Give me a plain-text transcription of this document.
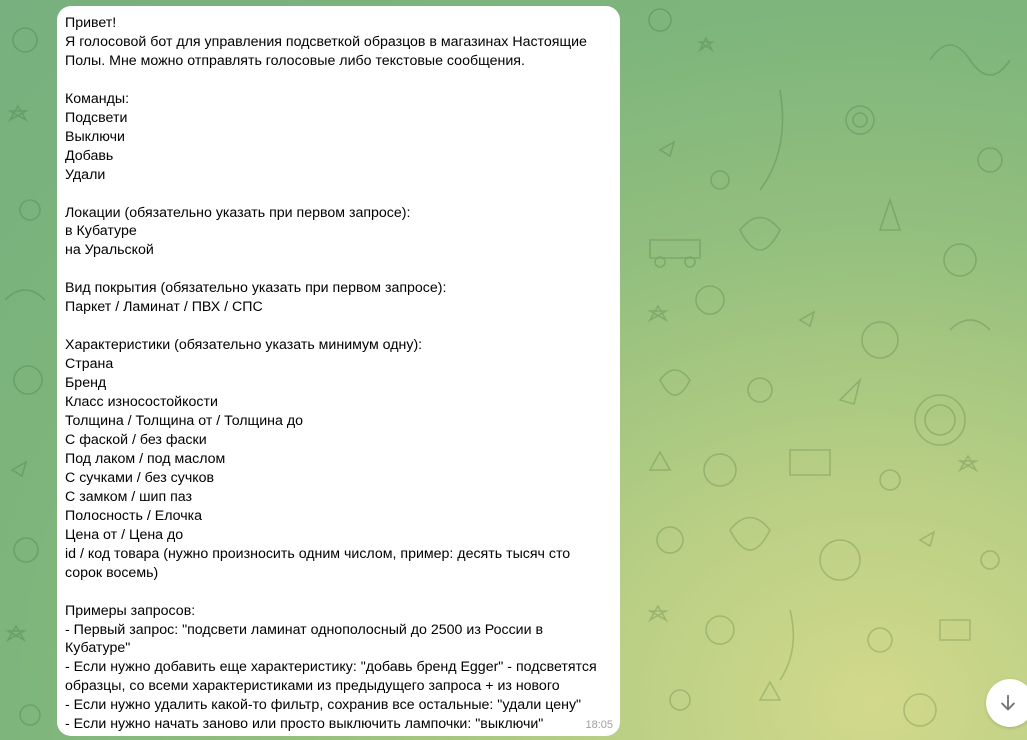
Привет!
Я голосовой бот для управления подсветкой образцов в магазинах Настоящие Полы. Мне можно отправлять голосовые либо текстовые сообщения.

Команды:
Подсвети
Выключи
Добавь
Удали

Локации (обязательно указать при первом запросе):
в Кубатуре
на Уральской

Вид покрытия (обязательно указать при первом запросе):
Паркет / Ламинат / ПВХ / СПС

Характеристики (обязательно указать минимум одну):
Страна
Бренд
Класс износостойкости
Толщина / Толщина от / Толщина до
С фаской / без фаски
Под лаком / под маслом
С сучками / без сучков
С замком / шип паз
Полосность / Елочка
Цена от / Цена до
id / код товара (нужно произносить одним числом, пример: десять тысяч сто сорок восемь)

Примеры запросов:
- Первый запрос: "подсвети ламинат однополосный до 2500 из России в Кубатуре"
- Если нужно добавить еще характеристику: "добавь бренд Egger" - подсветятся образцы, со всеми характеристиками из предыдущего запроса + из нового
- Если нужно удалить какой-то фильтр, сохранив все остальные: "удали цену"
- Если нужно начать заново или просто выключить лампочки: "выключи"	18:05
